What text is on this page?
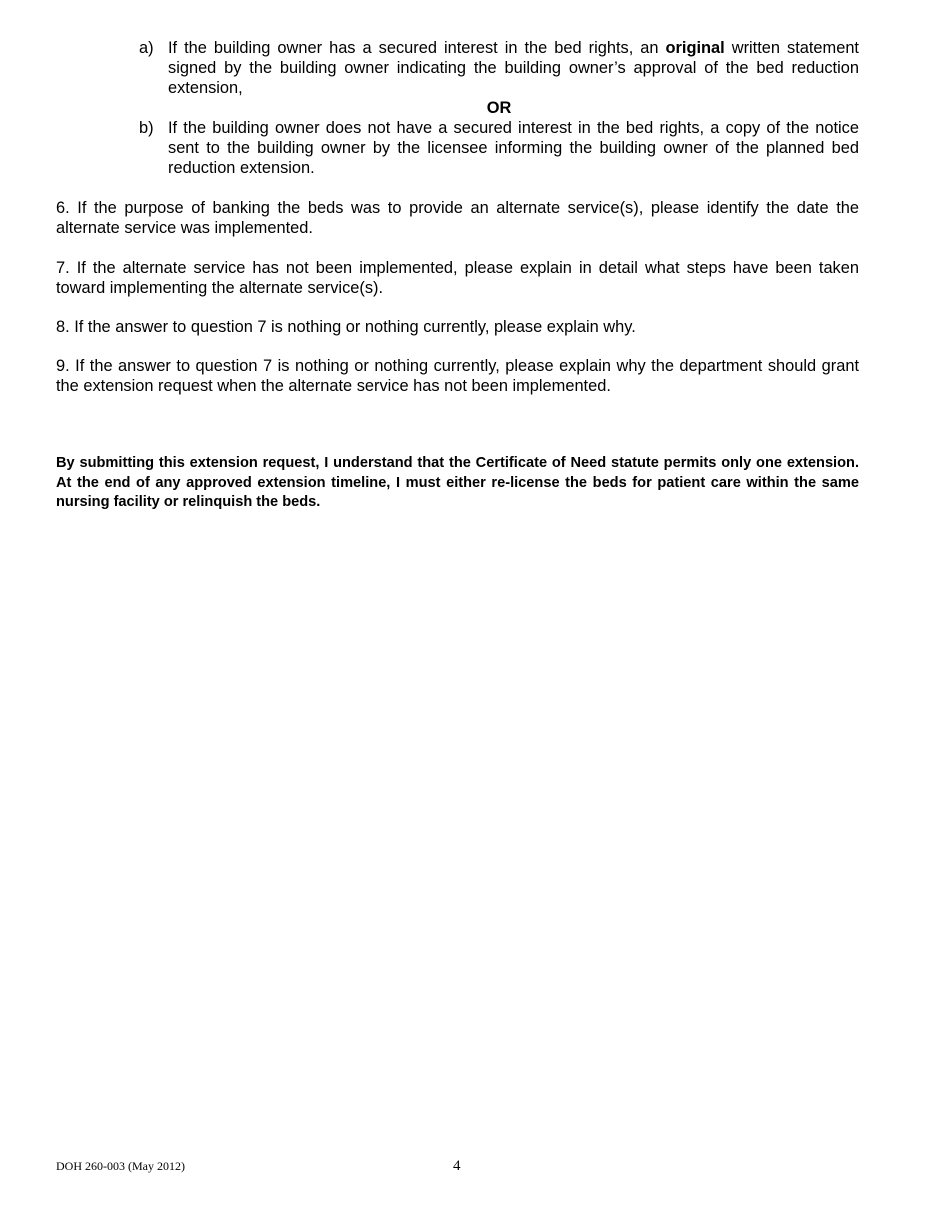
a) If the building owner has a secured interest in the bed rights, an original written statement signed by the building owner indicating the building owner’s approval of the bed reduction extension,
OR
b) If the building owner does not have a secured interest in the bed rights, a copy of the notice sent to the building owner by the licensee informing the building owner of the planned bed reduction extension.
6. If the purpose of banking the beds was to provide an alternate service(s), please identify the date the alternate service was implemented.
7. If the alternate service has not been implemented, please explain in detail what steps have been taken toward implementing the alternate service(s).
8. If the answer to question 7 is nothing or nothing currently, please explain why.
9. If the answer to question 7 is nothing or nothing currently, please explain why the department should grant the extension request when the alternate service has not been implemented.
By submitting this extension request, I understand that the Certificate of Need statute permits only one extension. At the end of any approved extension timeline, I must either re-license the beds for patient care within the same nursing facility or relinquish the beds.
DOH 260-003 (May 2012)	4
